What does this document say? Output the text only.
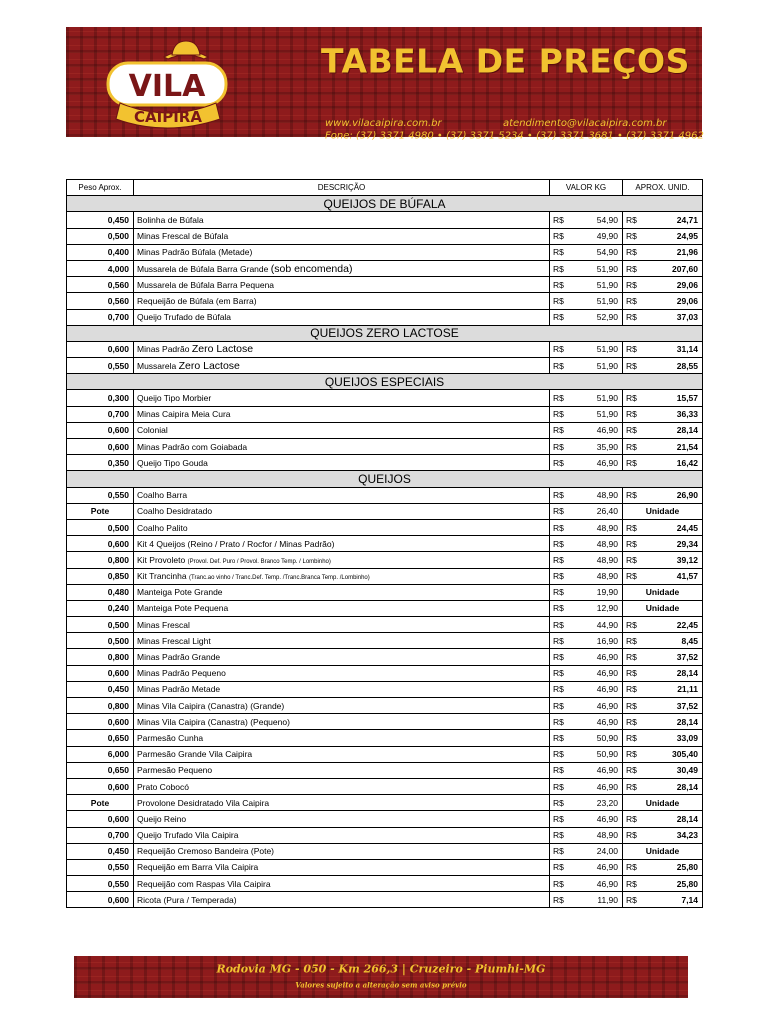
VILA
CAIPIRA
TABELA DE PREÇOS
www.vilacaipira.com.br	atendimento@vilacaipira.com.br
Fone: (37) 3371 4980 • (37) 3371 5234 • (37) 3371 3681 • (37) 3371 4962
Peso Aprox.	DESCRIÇÃO	VALOR KG		APROX. UNID.	
QUEIJOS DE BÚFALA					
0,450	Bolinha de Búfala	R$	54,90	R$	24,71
0,500	Minas Frescal de Búfala	R$	49,90	R$	24,95
0,400	Minas Padrão Búfala (Metade)	R$	54,90	R$	21,96
4,000	Mussarela de Búfala Barra Grande (sob encomenda)	R$	51,90	R$	207,60
0,560	Mussarela de Búfala Barra Pequena	R$	51,90	R$	29,06
0,560	Requeijão de Búfala (em Barra)	R$	51,90	R$	29,06
0,700	Queijo Trufado de Búfala	R$	52,90	R$	37,03
QUEIJOS ZERO LACTOSE					
0,600	Minas Padrão Zero Lactose	R$	51,90	R$	31,14
0,550	Mussarela Zero Lactose	R$	51,90	R$	28,55
QUEIJOS ESPECIAIS					
0,300	Queijo Tipo Morbier	R$	51,90	R$	15,57
0,700	Minas Caipira Meia Cura	R$	51,90	R$	36,33
0,600	Colonial	R$	46,90	R$	28,14
0,600	Minas Padrão com Goiabada	R$	35,90	R$	21,54
0,350	Queijo Tipo Gouda	R$	46,90	R$	16,42
QUEIJOS					
0,550	Coalho Barra	R$	48,90	R$	26,90
Pote	Coalho Desidratado	R$	26,40	Unidade	
0,500	Coalho Palito	R$	48,90	R$	24,45
0,600	Kit 4 Queijos (Reino / Prato / Rocfor / Minas Padrão)	R$	48,90	R$	29,34
0,800	Kit Provoleto (Provol. Def. Puro / Provol. Branco Temp. / Lombinho)	R$	48,90	R$	39,12
0,850	Kit Trancinha (Tranc.ao vinho / Tranc.Def. Temp. /Tranc.Branca Temp. /Lombinho)	R$	48,90	R$	41,57
0,480	Manteiga Pote Grande	R$	19,90	Unidade	
0,240	Manteiga Pote Pequena	R$	12,90	Unidade	
0,500	Minas Frescal	R$	44,90	R$	22,45
0,500	Minas Frescal Light	R$	16,90	R$	8,45
0,800	Minas Padrão Grande	R$	46,90	R$	37,52
0,600	Minas Padrão Pequeno	R$	46,90	R$	28,14
0,450	Minas Padrão Metade	R$	46,90	R$	21,11
0,800	Minas Vila Caipira (Canastra) (Grande)	R$	46,90	R$	37,52
0,600	Minas Vila Caipira (Canastra) (Pequeno)	R$	46,90	R$	28,14
0,650	Parmesão Cunha	R$	50,90	R$	33,09
6,000	Parmesão Grande Vila Caipira	R$	50,90	R$	305,40
0,650	Parmesão Pequeno	R$	46,90	R$	30,49
0,600	Prato Cobocó	R$	46,90	R$	28,14
Pote	Provolone Desidratado Vila Caipira	R$	23,20	Unidade	
0,600	Queijo Reino	R$	46,90	R$	28,14
0,700	Queijo Trufado Vila Caipira	R$	48,90	R$	34,23
0,450	Requeijão Cremoso Bandeira (Pote)	R$	24,00	Unidade	
0,550	Requeijão em Barra Vila Caipira	R$	46,90	R$	25,80
0,550	Requeijão com Raspas Vila Caipira	R$	46,90	R$	25,80
0,600	Ricota (Pura / Temperada)	R$	11,90	R$	7,14
Rodovia MG - 050 - Km 266,3 | Cruzeiro - Piumhi-MG
Valores sujeito a alteração sem aviso prévio
